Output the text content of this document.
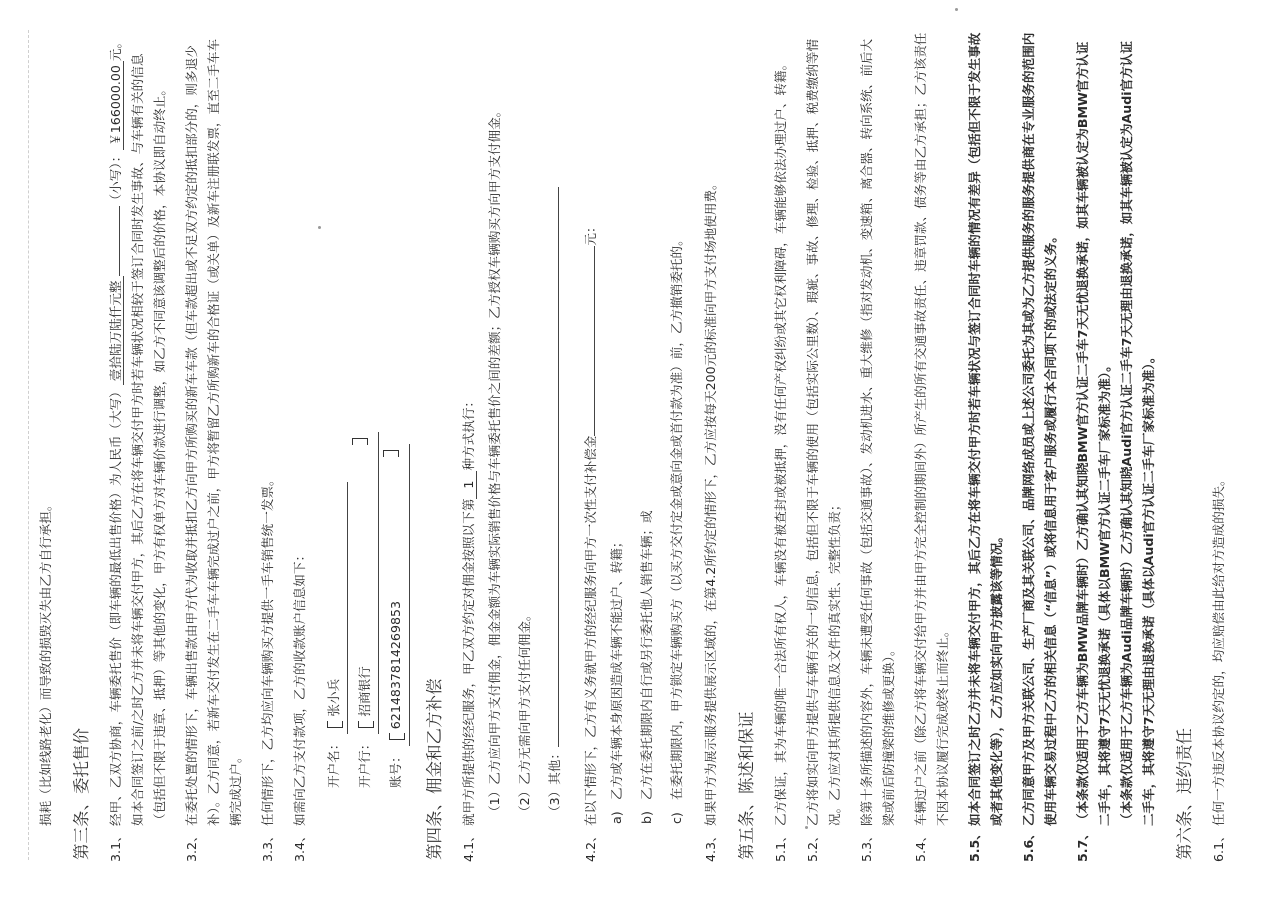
损耗（比如线路老化）而导致的损毁灭失由乙方自行承担。 第三条、委托售价 3.1、
经甲、乙双方协商，车辆委托售价（即车辆的最低出售价格）为人民币（大写）壹拾陆万陆仟元整（小写）：￥166000.00元。如本合同签订之前/之时乙方并未将车辆交付甲方，其后乙方在将车辆交付甲方时若车辆状况相较于签订合同时发生事故、与车辆有关的信息（包括但不限于违章、抵押）等其他的变化，甲方有权单方对车辆价款进行调整，如乙方不同意该调整后的价格，本协议即自动终止。
3.2、
在委托处置的情形下，车辆出售款由甲方代为收取并抵扣乙方向甲方所购买的新车车款（但车款超出或不足双方约定的抵扣部分的，则多退少补）。乙方同意，若新车交付发生在二手车车辆完成过户之前，甲方将暂留乙方所购新车的合格证（或关单）及新车注册联发票，直至二手车车辆完成过户。
3.3、
任何情形下，乙方均应向车辆购买方提供一手车销售统一发票。
3.4、
如需向乙方支付款项，乙方的收款账户信息如下：	开户名： 张小兵
开户行： 招商银行
账号： 6214837814269853
第四条、佣金和乙方补偿 4.1、
就甲方所提供的经纪服务，甲乙双方约定对佣金按照以下第1种方式执行： （1）乙方应向甲方支付佣金，佣金金额为车辆实际销售价格与车辆委托售价之间的差额；乙方授权车辆购买方向甲方支付佣金。	（2）乙方无需向甲方支付任何佣金。	（3）其他：
4.2、
在以下情形下，乙方有义务就甲方的经纪服务向甲方一次性支付补偿金元：
a)
乙方或车辆本身原因造成车辆不能过户、转籍；
b)
乙方在委托期限内自行或另行委托他人销售车辆；或
c)
在委托期限内，甲方锁定车辆购买方（以买方交付定金或意向金或首付款为准）前，乙方撤销委托的。
4.3、
如果甲方为展示服务提供展示区域的，在第4.2所约定的情形下，乙方应按每天200元的标准向甲方支付场地使用费。 第五条、陈述和保证 5.1、
乙方保证，其为车辆的唯一合法所有权人，车辆没有被查封或被抵押，没有任何产权纠纷或其它权利障碍，车辆能够依法办理过户、转籍。
5.2、
乙方将如实向甲方提供与车辆有关的一切信息，包括但不限于车辆的使用（包括实际公里数）、瑕疵、事故、修理、检验、抵押、税费缴纳等情况。乙方应对其所提供信息及文件的真实性、完整性负责；
5.3、
除第十条所描述的内容外，车辆未遭受任何事故（包括交通事故）、发动机进水、重大维修（指对发动机、变速箱、离合器、转向系统、前后大梁或前后防撞梁的维修或更换）。
5.4、
车辆过户之前（除乙方将车辆交付给甲方并由甲方完全控制的期间外）所产生的所有交通事故责任、违章罚款、债务等由乙方承担；乙方该责任不因本协议履行完成或终止而终止。
5.5、
如本合同签订之时乙方并未将车辆交付甲方，其后乙方在将车辆交付甲方时若车辆状况与签订合同时车辆的情况有差异（包括但不限于发生事故或者其他变化等），乙方应如实向甲方披露该等情况。
5.6、
乙方同意甲方及甲方关联公司、生产厂商及其关联公司、品牌网络成员或上述公司委托为其或为乙方提供服务的服务提供商在专业服务的范围内使用车辆交易过程中乙方的相关信息（“信息”）或将信息用于客户服务或履行本合同项下的或法定的义务。
5.7、
（本条款仅适用于乙方车辆为BMW品牌车辆时）乙方确认其知晓BMW官方认证二手车7天无忧退换承诺，如其车辆被认定为BMW官方认证二手车，其将遵守7天无忧退换承诺（具体以BMW官方认证二手车厂家标准为准）。 （本条款仅适用于乙方车辆为Audi品牌车辆时）乙方确认其知晓Audi官方认证二手车7天无理由退换承诺，如其车辆被认定为Audi官方认证二手车，其将遵守7天无理由退换承诺（具体以Audi官方认证二手车厂家标准为准）。 第六条、违约责任 6.1、
任何一方违反本协议约定的，均应赔偿由此给对方造成的损失。
